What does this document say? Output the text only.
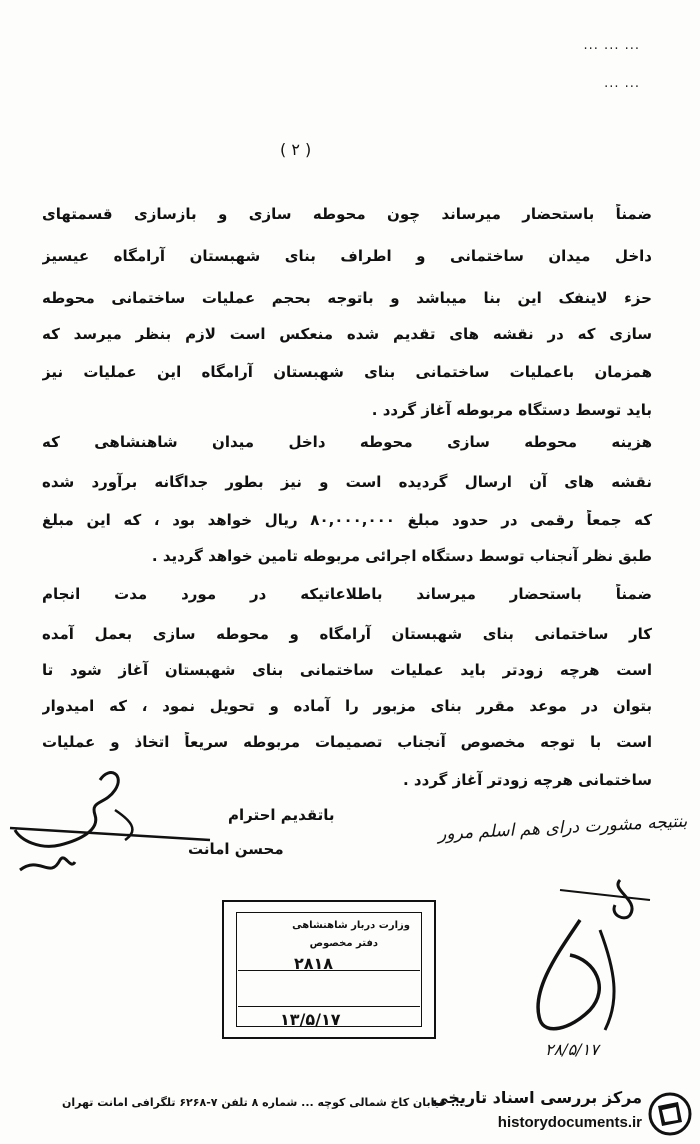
... ... ...
... ...
( ٢ )
ضمناً باستحضار میرساند چون محوطه سازی و بازسازی قسمتهای
داخل میدان ساختمانی و اطراف بنای شهبستان آرامگاه عیسیز
حزء لاینفک این بنا میباشد و باتوجه بحجم عملیات ساختمانی محوطه
سازی که در نقشه های تقدیم شده منعکس است لازم بنظر میرسد که
همزمان باعملیات ساختمانی بنای شهبستان آرامگاه این عملیات نیز
باید توسط دستگاه مربوطه آغاز گردد .
هزینه محوطه سازی محوطه داخل میدان شاهنشاهی که
نقشه های آن ارسال گردیده است و نیز بطور جداگانه برآورد شده
که جمعاً رقمی در حدود مبلغ ۸۰,۰۰۰,۰۰۰ ریال خواهد بود ، که این مبلغ
طبق نظر آنجناب توسط دستگاه اجرائی مربوطه تامین خواهد گردید .
ضمناً باستحضار میرساند باطلاعاتیکه در مورد مدت انجام
کار ساختمانی بنای شهبستان آرامگاه و محوطه سازی بعمل آمده
است هرچه زودتر باید عملیات ساختمانی بنای شهبستان آغاز شود تا
بتوان در موعد مقرر بنای مزبور را آماده و تحویل نمود ، که امیدوار
است با توجه مخصوص آنجناب تصمیمات مربوطه سریعاً اتخاذ و عملیات
ساختمانی هرچه زودتر آغاز گردد .
باتقدیم احترام
محسن امانت
بنتیجه مشورت درای هم اسلم مرور
۲۸/۵/۱۷
وزارت دربار شاهنشاهی
دفتر مخصوص
۲۸۱۸
۱۳/۵/۱۷
... خیابان کاخ شمالی کوچه ... شماره ۸ تلفن ۷-۶۲۶۸ تلگرافی امانت تهران
مرکز بررسی اسناد تاریخی
historydocuments.ir
